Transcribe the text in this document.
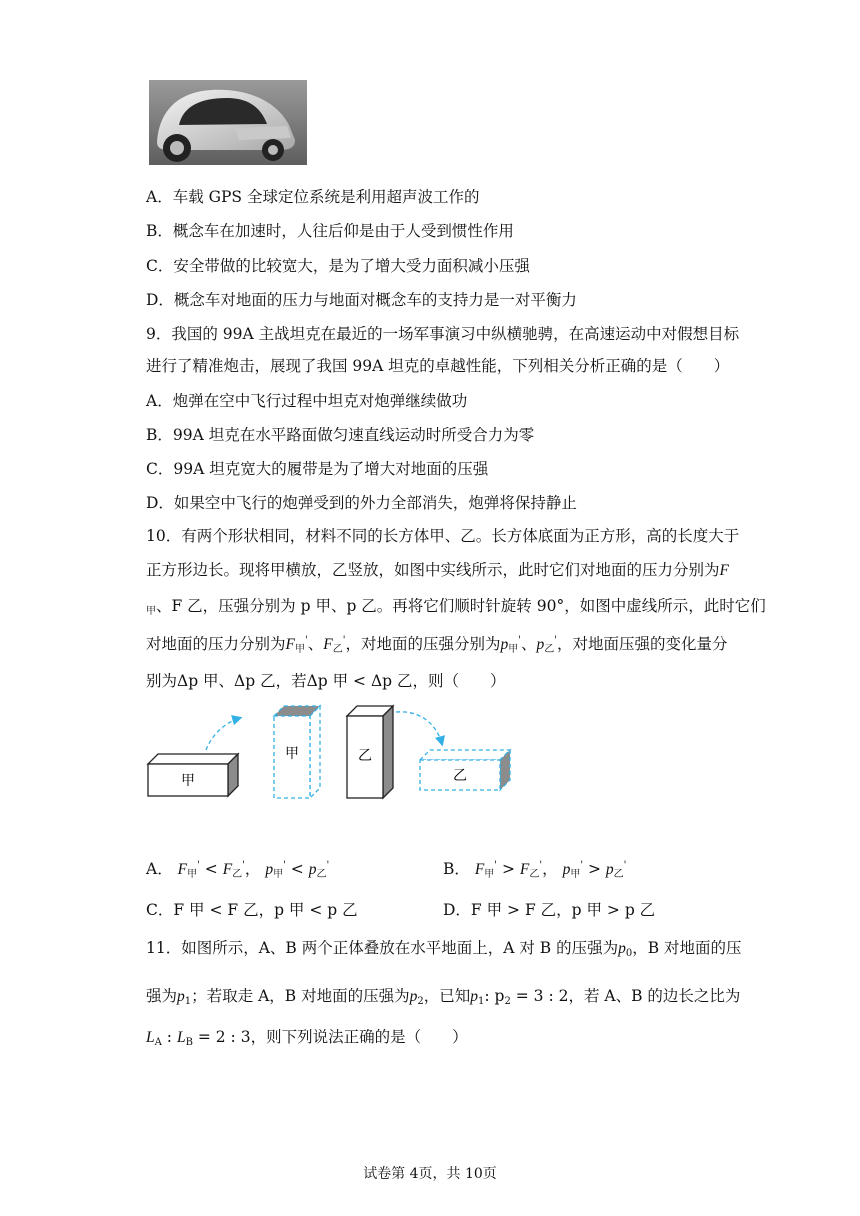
A．车载 GPS 全球定位系统是利用超声波工作的
B．概念车在加速时，人往后仰是由于人受到惯性作用
C．安全带做的比较宽大，是为了增大受力面积减小压强
D．概念车对地面的压力与地面对概念车的支持力是一对平衡力
9．我国的 99A 主战坦克在最近的一场军事演习中纵横驰骋，在高速运动中对假想目标
进行了精准炮击，展现了我国 99A 坦克的卓越性能，下列相关分析正确的是（　　）
A．炮弹在空中飞行过程中坦克对炮弹继续做功
B．99A 坦克在水平路面做匀速直线运动时所受合力为零
C．99A 坦克宽大的履带是为了增大对地面的压强
D．如果空中飞行的炮弹受到的外力全部消失，炮弹将保持静止
10．有两个形状相同，材料不同的长方体甲、乙。长方体底面为正方形，高的长度大于
正方形边长。现将甲横放，乙竖放，如图中实线所示，此时它们对地面的压力分别为F
$_甲$、F 乙，压强分别为 p 甲、p 乙。再将它们顺时针旋转 90°，如图中虚线所示，此时它们
对地面的压力分别为$F_甲'$、$F_乙'$，对地面的压强分别为$p_甲'$、$p_乙'$，对地面压强的变化量分
别为Δp 甲、Δp 乙，若Δp 甲 < Δp 乙，则（　　）
甲
甲	乙
乙
A． $F_甲' < F_乙'$， $p_甲' < p_乙'$	B． $F_甲' > F_乙'$， $p_甲' > p_乙'$
C．F 甲 < F 乙，p 甲 < p 乙	D．F 甲 > F 乙，p 甲 > p 乙
11．如图所示，A、B 两个正体叠放在水平地面上，A 对 B 的压强为$p_0$，B 对地面的压
强为$p_1$；若取走 A，B 对地面的压强为$p_2$，已知$p_1$: $p_2 = 3$ : 2，若 A、B 的边长之比为
$L_A$ : $L_B = 2$ : 3，则下列说法正确的是（　　）
试卷第 4页，共 10页
